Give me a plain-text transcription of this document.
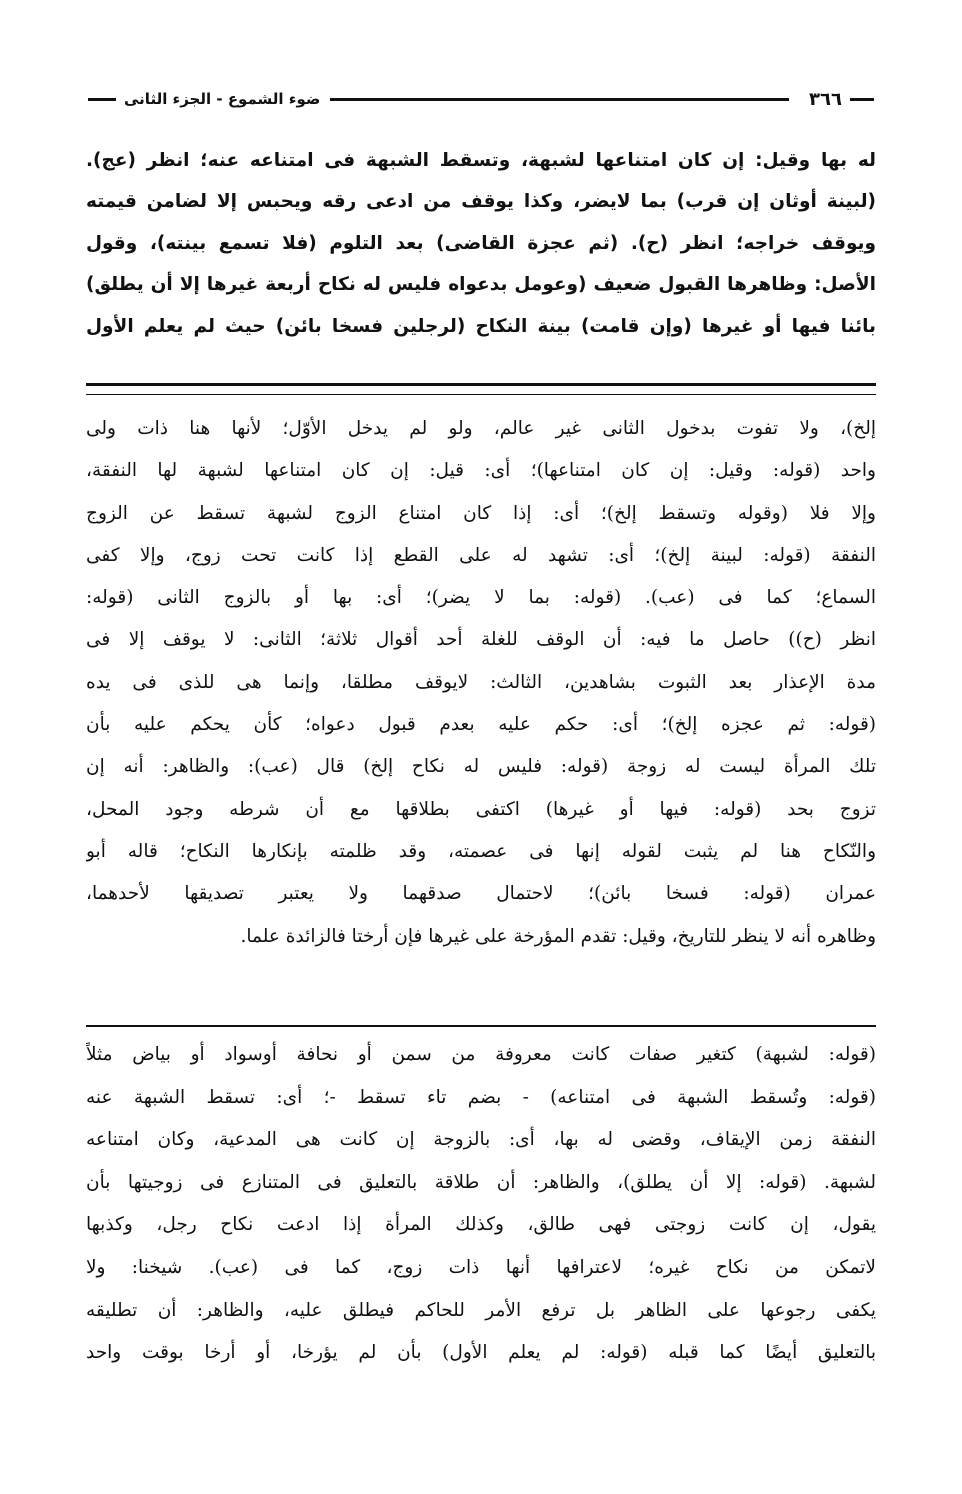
٣٦٦
ضوء الشموع - الجزء الثانى
له بها وقيل: إن كان امتناعها لشبهة، وتسقط الشبهة فى امتناعه عنه؛ انظر (عج).
(لبينة أوثان إن قرب) بما لايضر، وكذا يوقف من ادعى رقه ويحبس إلا لضامن قيمته
ويوقف خراجه؛ انظر (ح). (ثم عجزة القاضى) بعد التلوم (فلا تسمع بينته)، وقول
الأصل: وظاهرها القبول ضعيف (وعومل بدعواه فليس له نكاح أربعة غيرها إلا أن يطلق)
بائنا فيها أو غيرها (وإن قامت) بينة النكاح (لرجلين فسخا بائن) حيث لم يعلم الأول
إلخ)، ولا تفوت بدخول الثانى غير عالم، ولو لم يدخل الأوّل؛ لأنها هنا ذات ولى
واحد (قوله: وقيل: إن كان امتناعها)؛ أى: قيل: إن كان امتناعها لشبهة لها النفقة،
وإلا فلا (وقوله وتسقط إلخ)؛ أى: إذا كان امتناع الزوج لشبهة تسقط عن الزوج
النفقة (قوله: لبينة إلخ)؛ أى: تشهد له على القطع إذا كانت تحت زوج، وإلا كفى
السماع؛ كما فى (عب). (قوله: بما لا يضر)؛ أى: بها أو بالزوج الثانى (قوله:
انظر (ح)) حاصل ما فيه: أن الوقف للغلة أحد أقوال ثلاثة؛ الثانى: لا يوقف إلا فى
مدة الإعذار بعد الثبوت بشاهدين، الثالث: لايوقف مطلقا، وإنما هى للذى فى يده
(قوله: ثم عجزه إلخ)؛ أى: حكم عليه بعدم قبول دعواه؛ كأن يحكم عليه بأن
تلك المرأة ليست له زوجة (قوله: فليس له نكاح إلخ) قال (عب): والظاهر: أنه إن
تزوج بحد (قوله: فيها أو غيرها) اكتفى بطلاقها مع أن شرطه وجود المحل،
والنّكاح هنا لم يثبت لقوله إنها فى عصمته، وقد ظلمته بإنكارها النكاح؛ قاله أبو
عمران (قوله: فسخا بائن)؛ لاحتمال صدقهما ولا يعتبر تصديقها لأحدهما،
وظاهره أنه لا ينظر للتاريخ، وقيل: تقدم المؤرخة على غيرها فإن أرختا فالزائدة علما.
(قوله: لشبهة) كتغير صفات كانت معروفة من سمن أو نحافة أوسواد أو بياض مثلاً
(قوله: وتُسقط الشبهة فى امتناعه) - بضم تاء تسقط -؛ أى: تسقط الشبهة عنه
النفقة زمن الإيقاف، وقضى له بها، أى: بالزوجة إن كانت هى المدعية، وكان امتناعه
لشبهة. (قوله: إلا أن يطلق)، والظاهر: أن طلاقة بالتعليق فى المتنازع فى زوجيتها بأن
يقول، إن كانت زوجتى فهى طالق، وكذلك المرأة إذا ادعت نكاح رجل، وكذبها
لاتمكن من نكاح غيره؛ لاعترافها أنها ذات زوج، كما فى (عب). شيخنا: ولا
يكفى رجوعها على الظاهر بل ترفع الأمر للحاكم فيطلق عليه، والظاهر: أن تطليقه
بالتعليق أيضًا كما قبله (قوله: لم يعلم الأول) بأن لم يؤرخا، أو أرخا بوقت واحد
